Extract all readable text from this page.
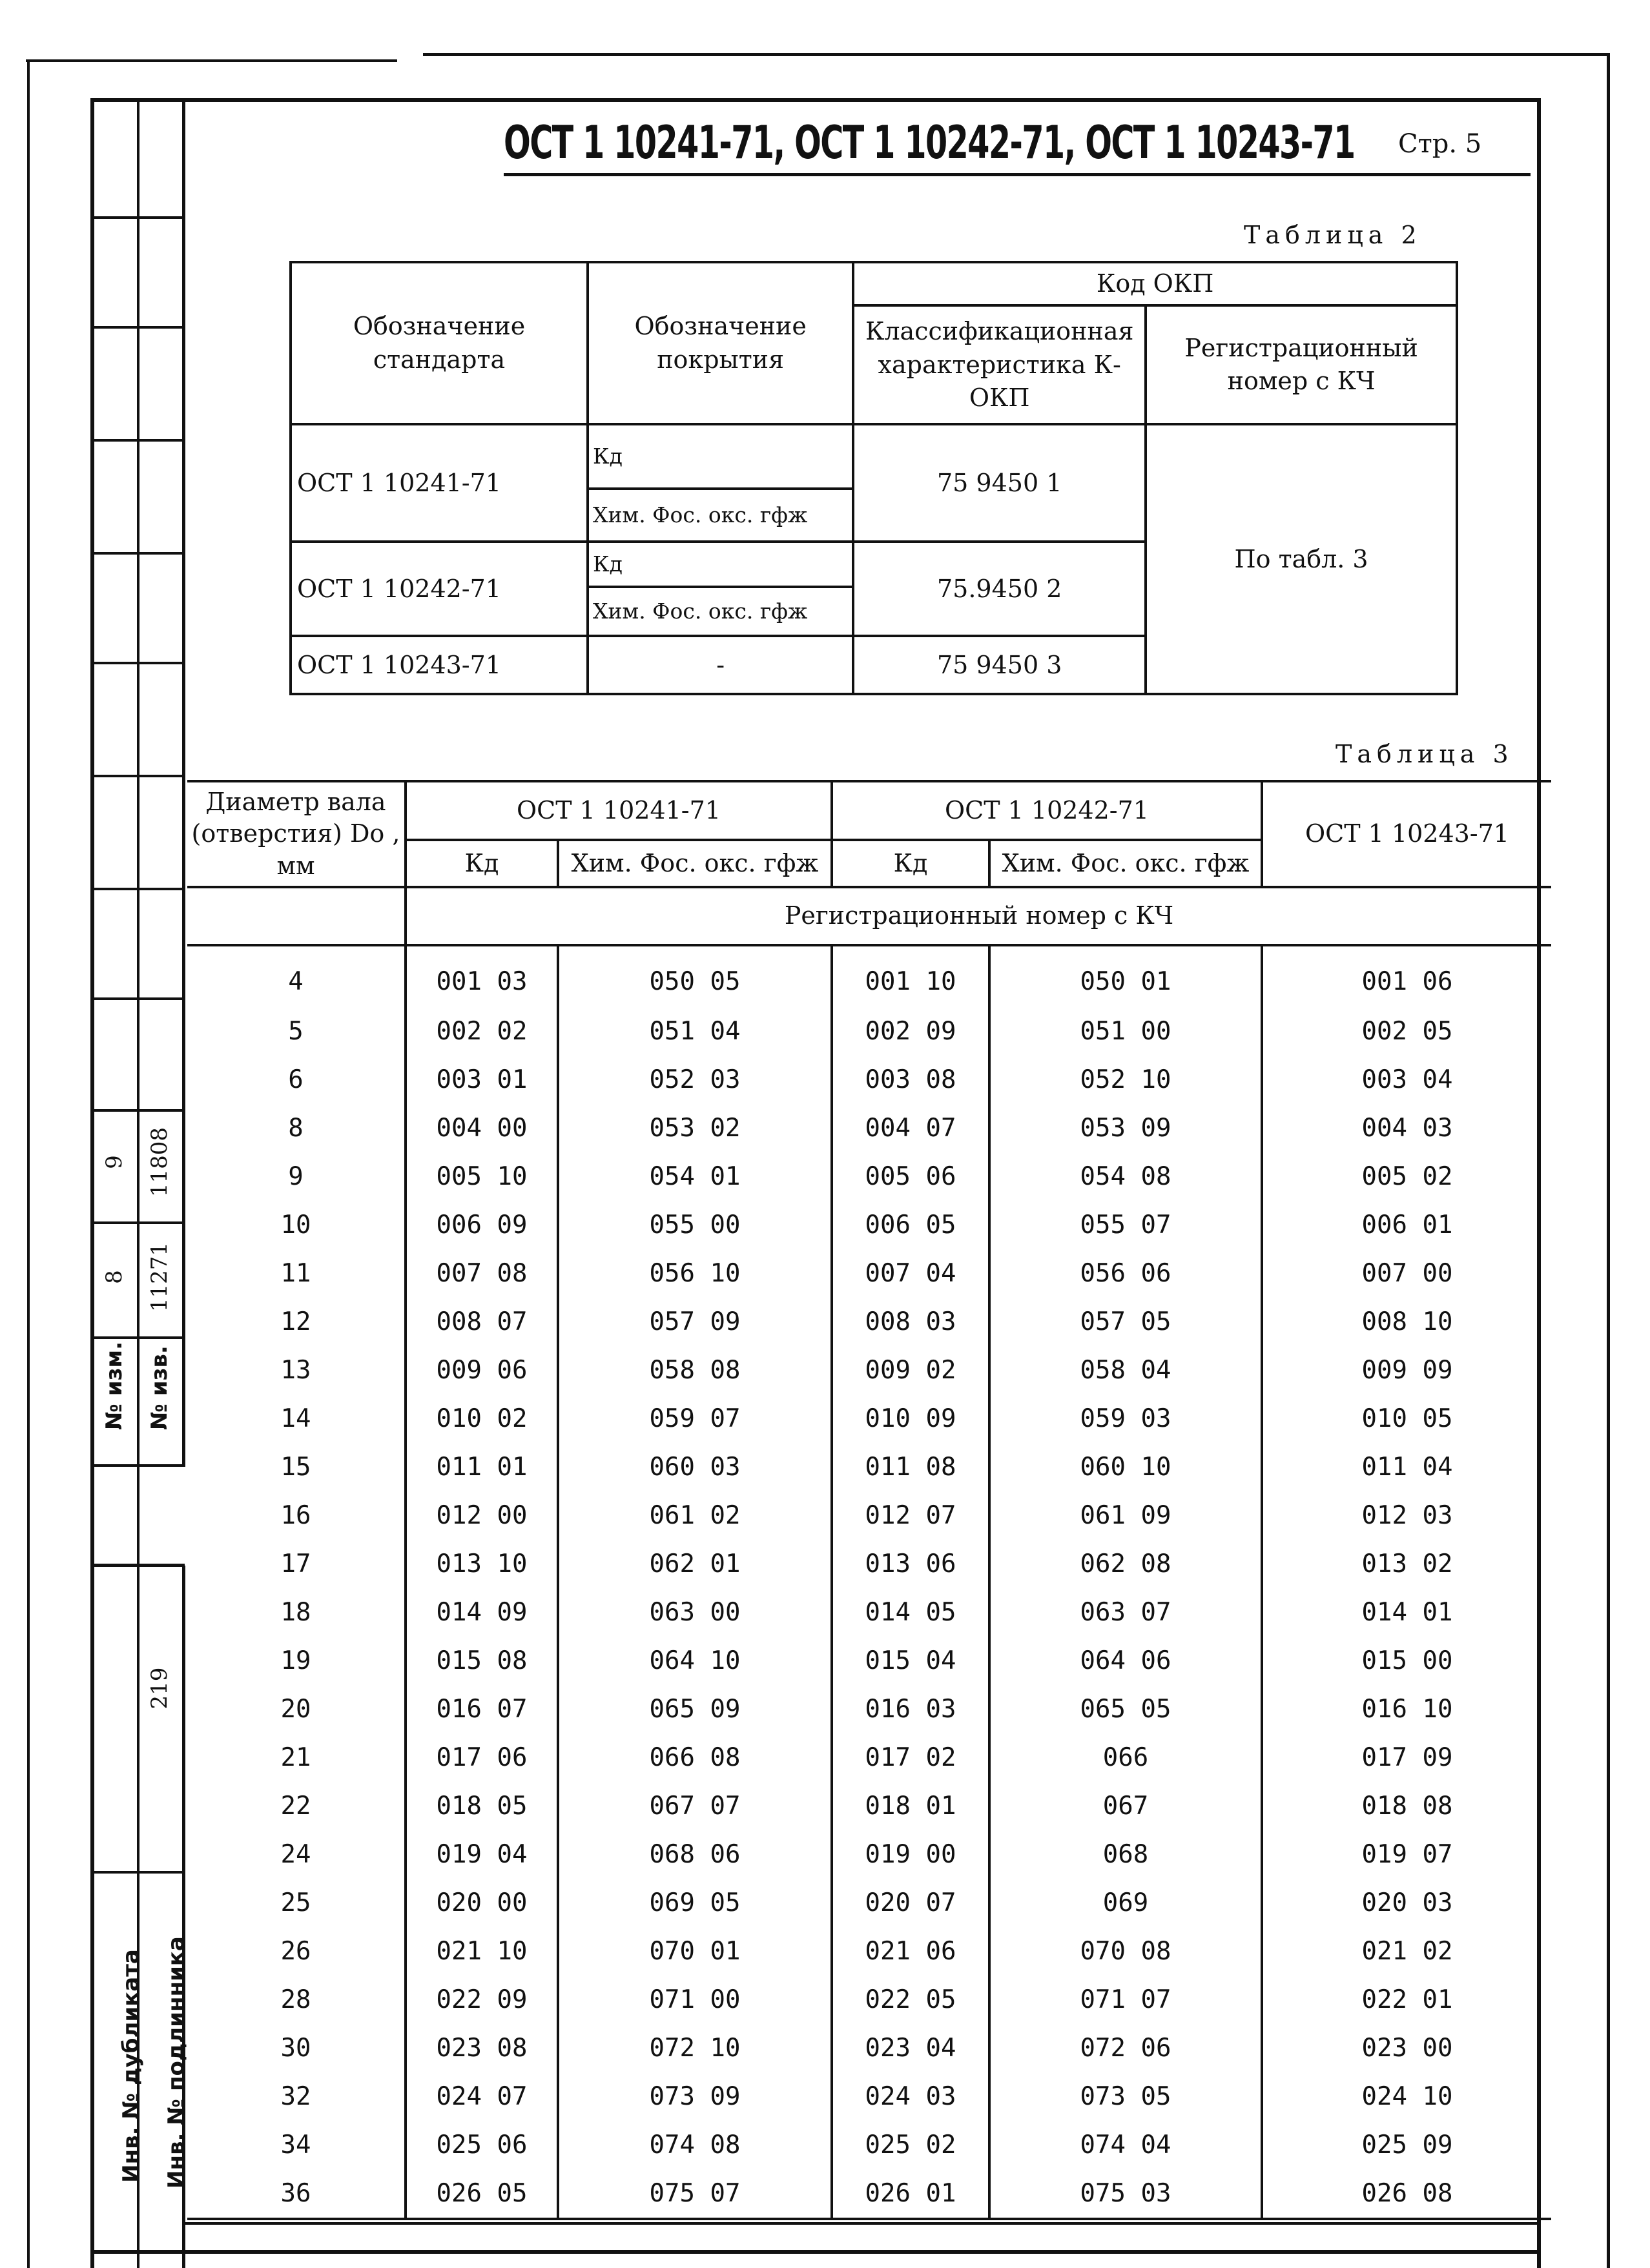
№ изм. № изв.
9 11808
8 11271
219
Инв. № подлинника
Инв. № дубликата
ОСТ 1 10241-71, ОСТ 1 10242-71, ОСТ 1 10243-71 Стр. 5
Таблица 2
Обозначение стандарта	Обозначение покрытия	Код ОКП	
		Классификационная характеристика К-ОКП	Регистрационный номер с КЧ
ОСТ 1 10241-71	Кд	75 9450 1	По табл. 3
	Хим. Фос. окс. гфж		
ОСТ 1 10242-71	Кд	75.9450 2	
	Хим. Фос. окс. гфж		
ОСТ 1 10243-71	-	75 9450 3	
Таблица 3
Диаметр вала (отверстия) Dо , мм	ОСТ 1 10241-71		ОСТ 1 10242-71		ОСТ 1 10243-71
	Кд	Хим. Фос. окс. гфж	Кд	Хим. Фос. окс. гфж	
	Регистрационный номер с КЧ				
4	001 03	050 05	001 10	050 01	001 06
5	002 02	051 04	002 09	051 00	002 05
6	003 01	052 03	003 08	052 10	003 04
8	004 00	053 02	004 07	053 09	004 03
9	005 10	054 01	005 06	054 08	005 02
10	006 09	055 00	006 05	055 07	006 01
11	007 08	056 10	007 04	056 06	007 00
12	008 07	057 09	008 03	057 05	008 10
13	009 06	058 08	009 02	058 04	009 09
14	010 02	059 07	010 09	059 03	010 05
15	011 01	060 03	011 08	060 10	011 04
16	012 00	061 02	012 07	061 09	012 03
17	013 10	062 01	013 06	062 08	013 02
18	014 09	063 00	014 05	063 07	014 01
19	015 08	064 10	015 04	064 06	015 00
20	016 07	065 09	016 03	065 05	016 10
21	017 06	066 08	017 02	066	017 09
22	018 05	067 07	018 01	067	018 08
24	019 04	068 06	019 00	068	019 07
25	020 00	069 05	020 07	069	020 03
26	021 10	070 01	021 06	070 08	021 02
28	022 09	071 00	022 05	071 07	022 01
30	023 08	072 10	023 04	072 06	023 00
32	024 07	073 09	024 03	073 05	024 10
34	025 06	074 08	025 02	074 04	025 09
36	026 05	075 07	026 01	075 03	026 08
